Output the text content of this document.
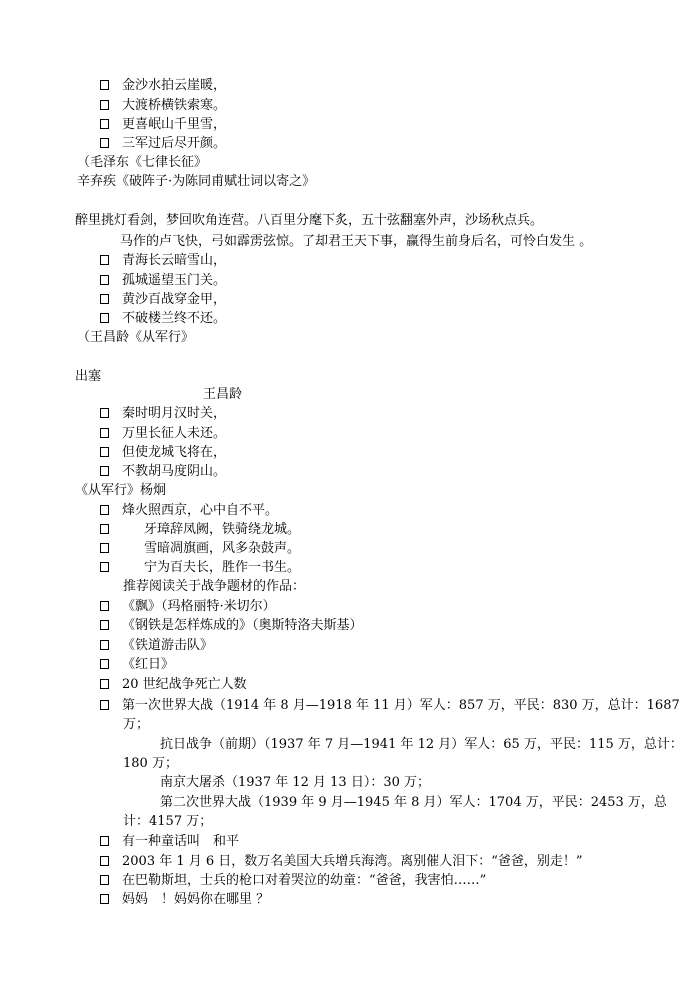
金沙水拍云崖暖，
大渡桥横铁索寒。
更喜岷山千里雪，
三军过后尽开颜。
（毛泽东《七律长征》
辛弃疾《破阵子·为陈同甫赋壮词以寄之》
醉里挑灯看剑，梦回吹角连营。八百里分麾下炙，五十弦翻塞外声，沙场秋点兵。
马作的卢飞快，弓如霹雳弦惊。了却君王天下事，赢得生前身后名，可怜白发生 。
青海长云暗雪山，
孤城遥望玉门关。
黄沙百战穿金甲，
不破楼兰终不还。
（王昌龄《从军行》
出塞
王昌龄
秦时明月汉时关，
万里长征人未还。
但使龙城飞将在，
不教胡马度阴山。
《从军行》杨炯
烽火照西京，心中自不平。
牙璋辞凤阙，铁骑绕龙城。
雪暗凋旗画，风多杂鼓声。
宁为百夫长，胜作一书生。
推荐阅读关于战争题材的作品：
《飘》（玛格丽特·米切尔）
《钢铁是怎样炼成的》（奥斯特洛夫斯基）
《铁道游击队》
《红日》
20 世纪战争死亡人数
第一次世界大战（1914 年 8 月—1918 年 11 月）军人：857 万，平民：830 万，总计：1687
万；
抗日战争（前期）（1937 年 7 月—1941 年 12 月）军人：65 万，平民：115 万，总计：
180 万；
南京大屠杀（1937 年 12 月 13 日）：30 万；
第二次世界大战（1939 年 9 月—1945 年 8 月）军人：1704 万，平民：2453 万，总
计：4157 万；
有一种童话叫　和平
2003 年 1 月 6 日，数万名美国大兵增兵海湾。离别催人泪下：“爸爸，别走！”
在巴勒斯坦，士兵的枪口对着哭泣的幼童：“爸爸，我害怕……”
妈妈　！妈妈你在哪里 ？
